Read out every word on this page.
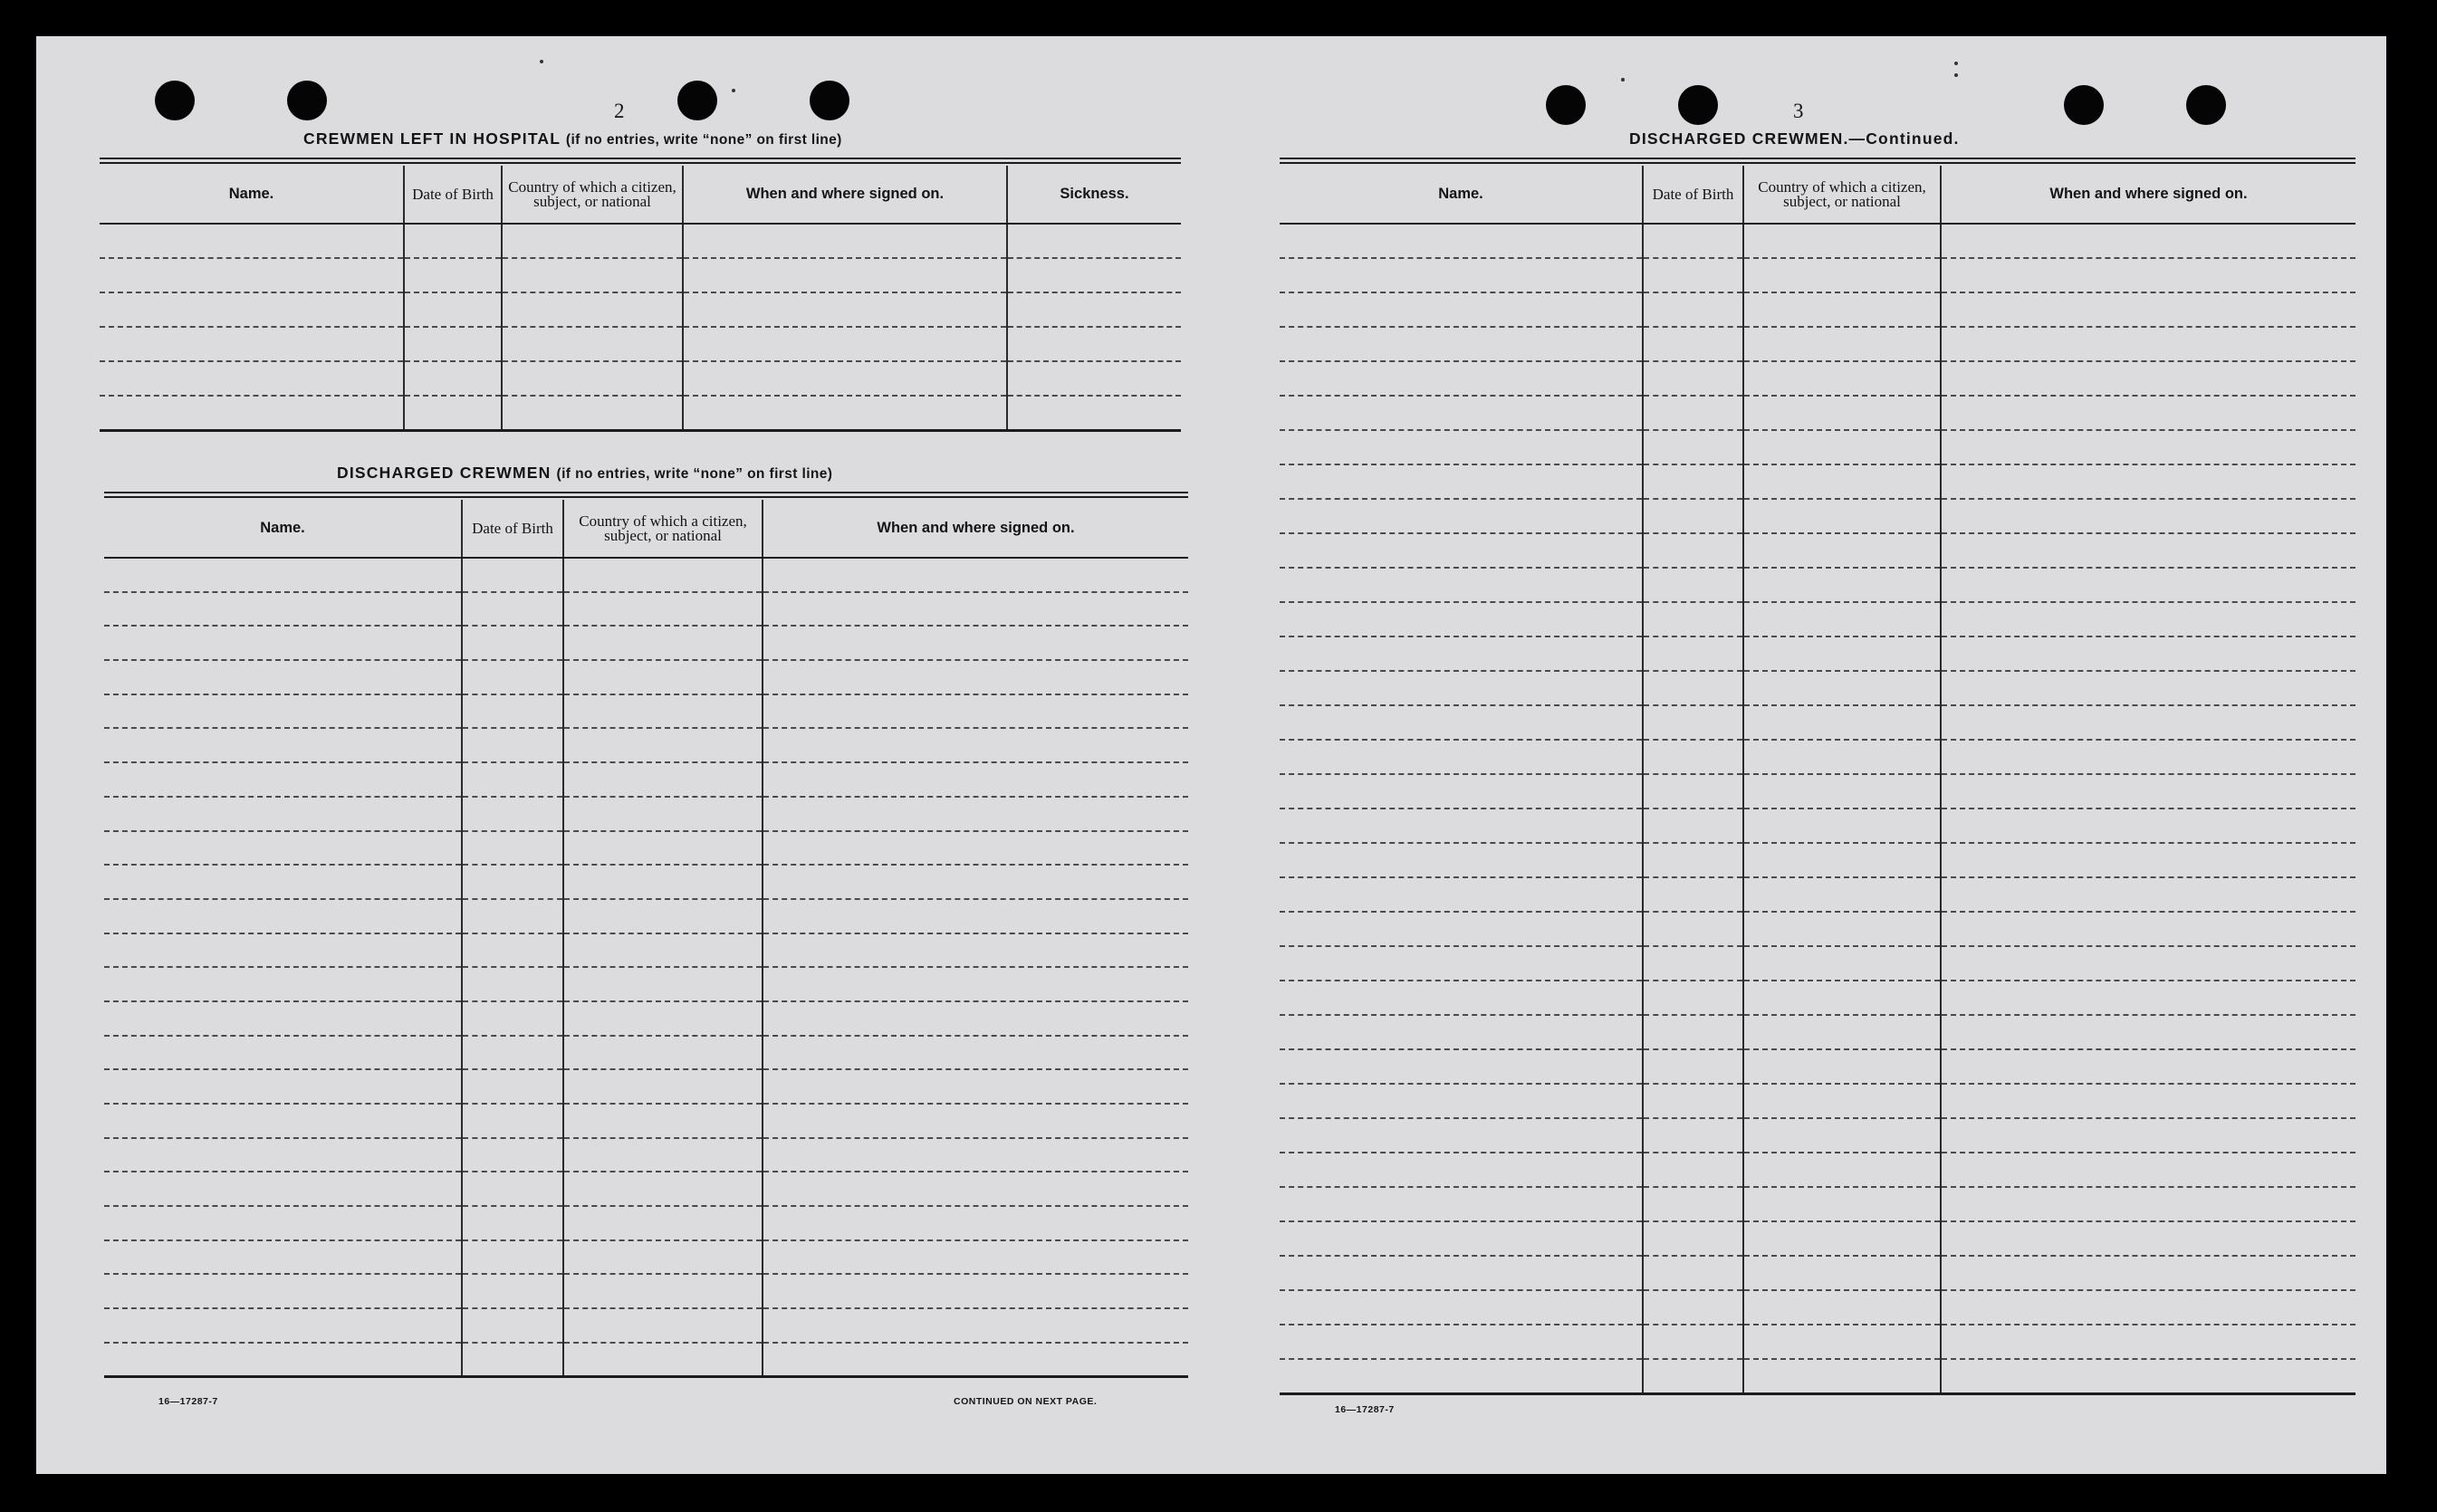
2
CREWMEN LEFT IN HOSPITAL (if no entries, write “none” on first line)
Name.	Date of Birth	Country of which a citizen, subject, or national	When and where signed on.	Sickness.

DISCHARGED CREWMEN (if no entries, write “none” on first line)
Name.	Date of Birth	Country of which a citizen, subject, or national	When and where signed on.

16—17287-7	CONTINUED ON NEXT PAGE.
3
DISCHARGED CREWMEN.—Continued.
Name.	Date of Birth	Country of which a citizen, subject, or national	When and where signed on.

16—17287-7
